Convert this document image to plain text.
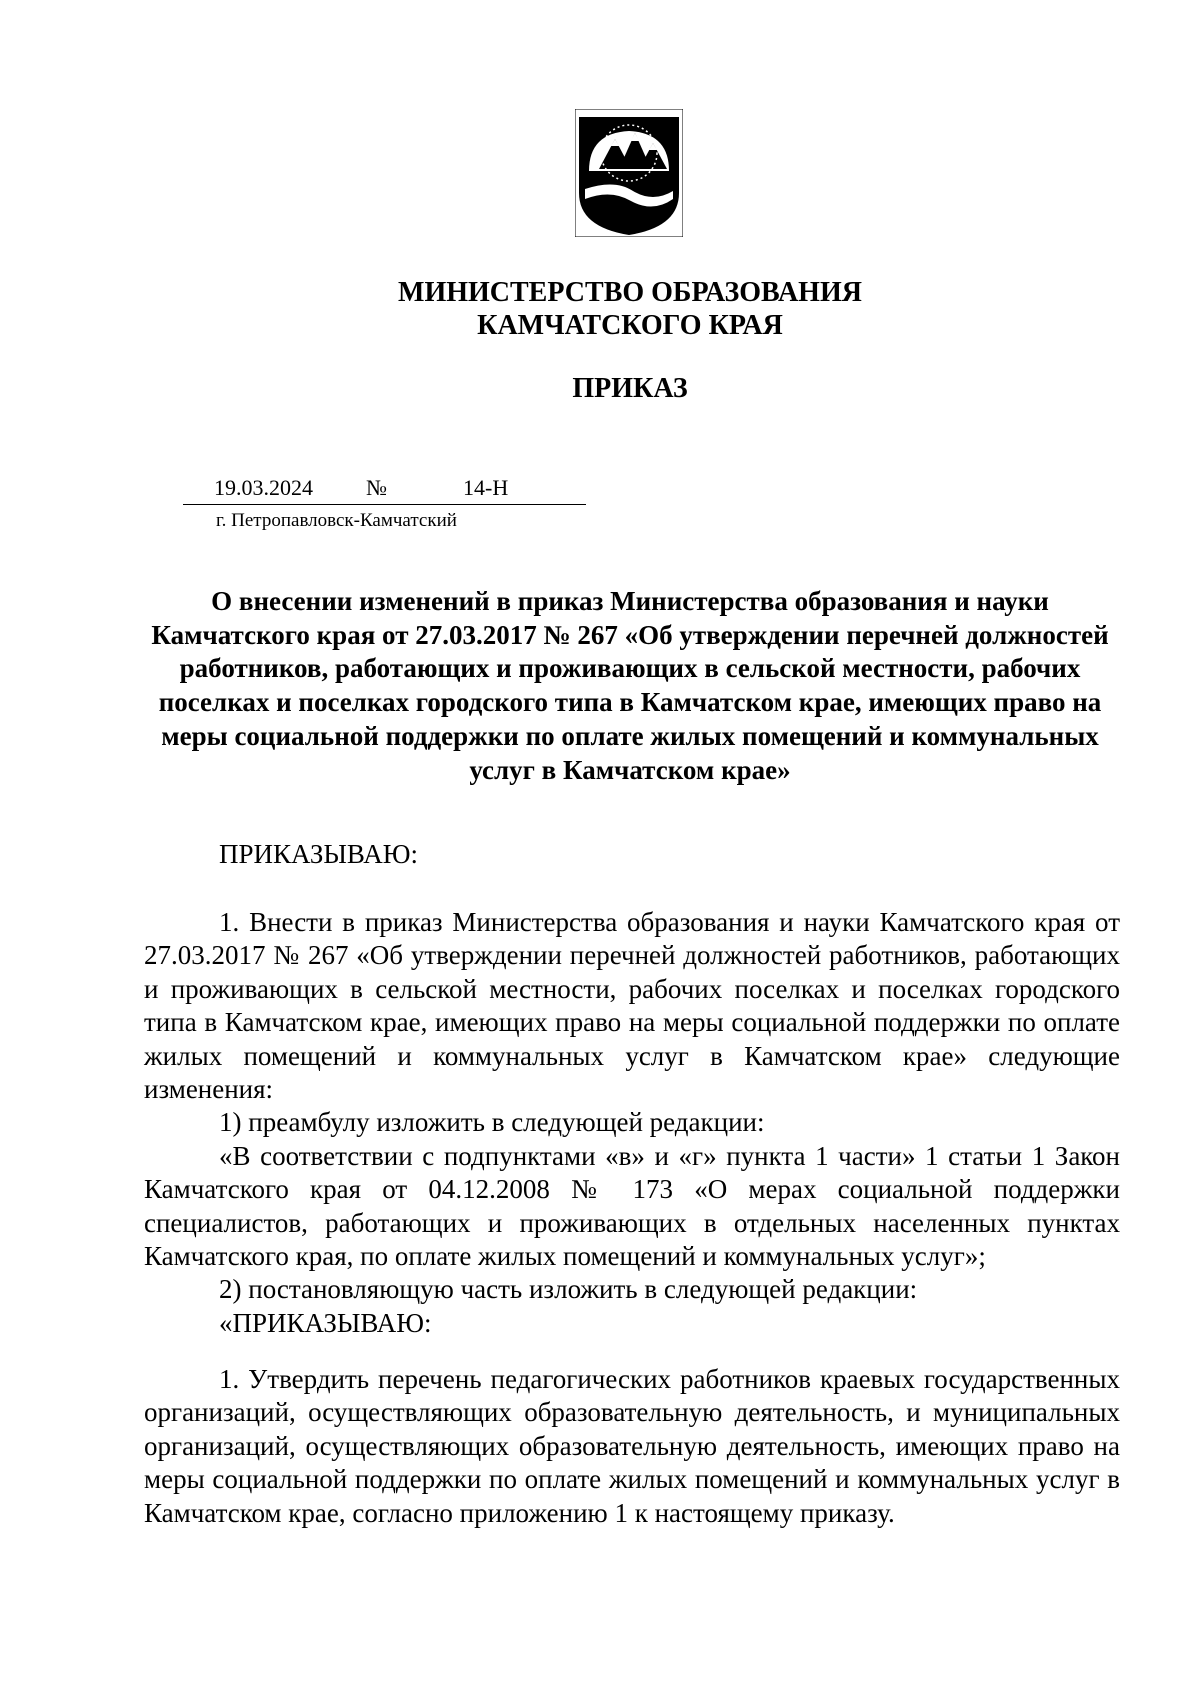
МИНИСТЕРСТВО ОБРАЗОВАНИЯ
КАМЧАТСКОГО КРАЯ
ПРИКАЗ
19.03.2024 №	14-Н
г. Петропавловск-Камчатский
О внесении изменений в приказ Министерства образования и науки Камчатского края от 27.03.2017 № 267 «Об утверждении перечней должностей работников, работающих и проживающих в сельской местности, рабочих поселках и поселках городского типа в Камчатском крае, имеющих право на меры социальной поддержки по оплате жилых помещений и коммунальных услуг в Камчатском крае»

ПРИКАЗЫВАЮ:

1. Внести в приказ Министерства образования и науки Камчатского края от 27.03.2017 № 267 «Об утверждении перечней должностей работников, работающих и проживающих в сельской местности, рабочих поселках и поселках городского типа в Камчатском крае, имеющих право на меры социальной поддержки по оплате жилых помещений и коммунальных услуг в Камчатском крае» следующие изменения:

1) преамбулу изложить в следующей редакции:

«В соответствии с подпунктами «в» и «г» пункта 1 части» 1 статьи 1 Закон Камчатского края от 04.12.2008 № 173 «О мерах социальной поддержки специалистов, работающих и проживающих в отдельных населенных пунктах Камчатского края, по оплате жилых помещений и коммунальных услуг»;

2) постановляющую часть изложить в следующей редакции:

«ПРИКАЗЫВАЮ:

1. Утвердить перечень педагогических работников краевых государственных организаций, осуществляющих образовательную деятельность, и муниципальных организаций, осуществляющих образовательную деятельность, имеющих право на меры социальной поддержки по оплате жилых помещений и коммунальных услуг в Камчатском крае, согласно приложению 1 к настоящему приказу.
